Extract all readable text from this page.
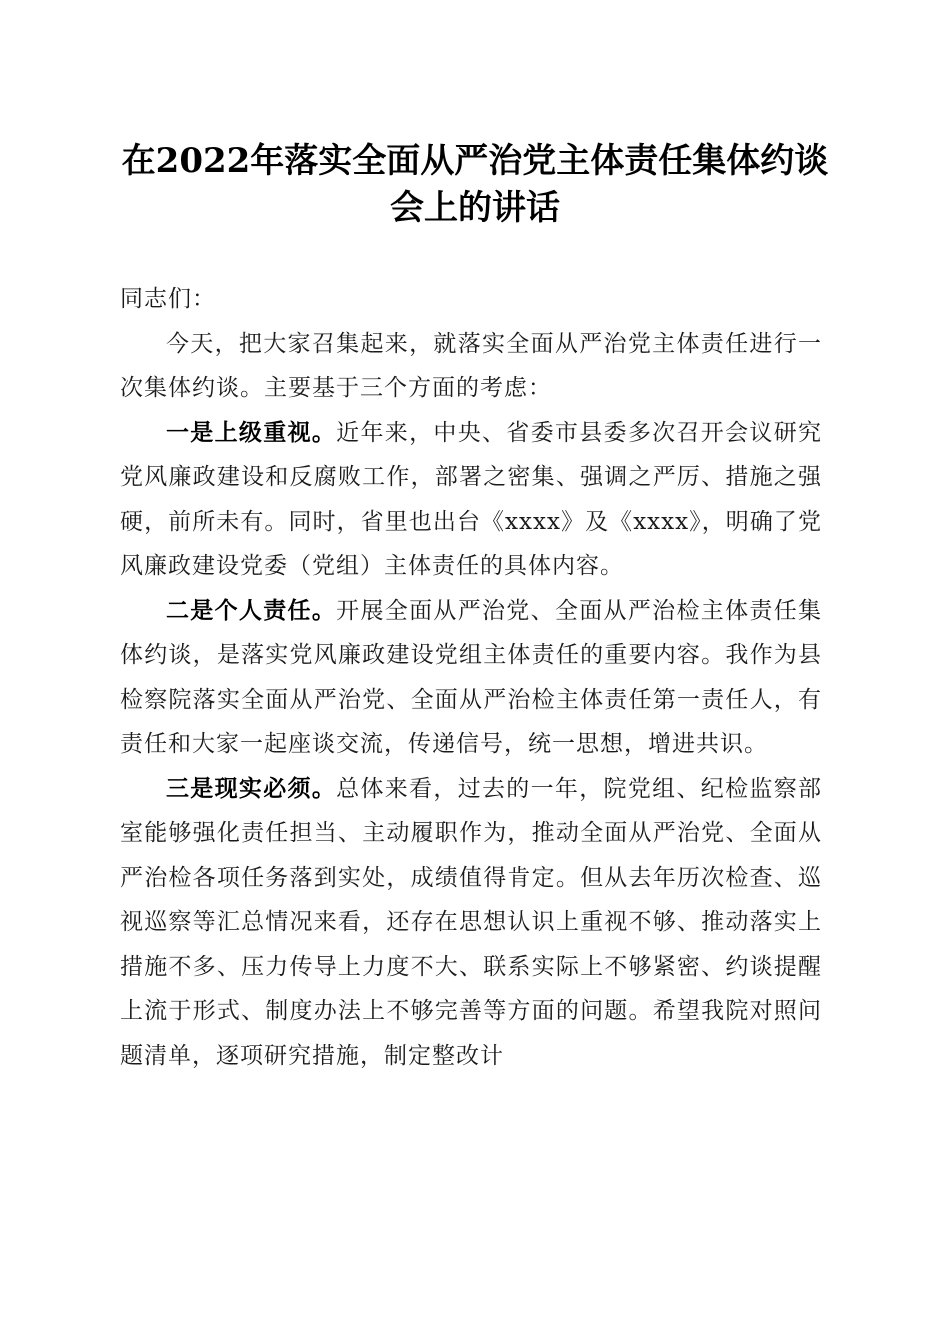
在2022年落实全面从严治党主体责任集体约谈会上的讲话

同志们：

今天，把大家召集起来，就落实全面从严治党主体责任进行一次集体约谈。主要基于三个方面的考虑：

一是上级重视。近年来，中央、省委市县委多次召开会议研究党风廉政建设和反腐败工作，部署之密集、强调之严厉、措施之强硬，前所未有。同时，省里也出台《xxxx》及《xxxx》，明确了党风廉政建设党委（党组）主体责任的具体内容。

二是个人责任。开展全面从严治党、全面从严治检主体责任集体约谈，是落实党风廉政建设党组主体责任的重要内容。我作为县检察院落实全面从严治党、全面从严治检主体责任第一责任人，有责任和大家一起座谈交流，传递信号，统一思想，增进共识。

三是现实必须。总体来看，过去的一年，院党组、纪检监察部室能够强化责任担当、主动履职作为，推动全面从严治党、全面从严治检各项任务落到实处，成绩值得肯定。但从去年历次检查、巡视巡察等汇总情况来看，还存在思想认识上重视不够、推动落实上措施不多、压力传导上力度不大、联系实际上不够紧密、约谈提醒上流于形式、制度办法上不够完善等方面的问题。希望我院对照问题清单，逐项研究措施，制定整改计
